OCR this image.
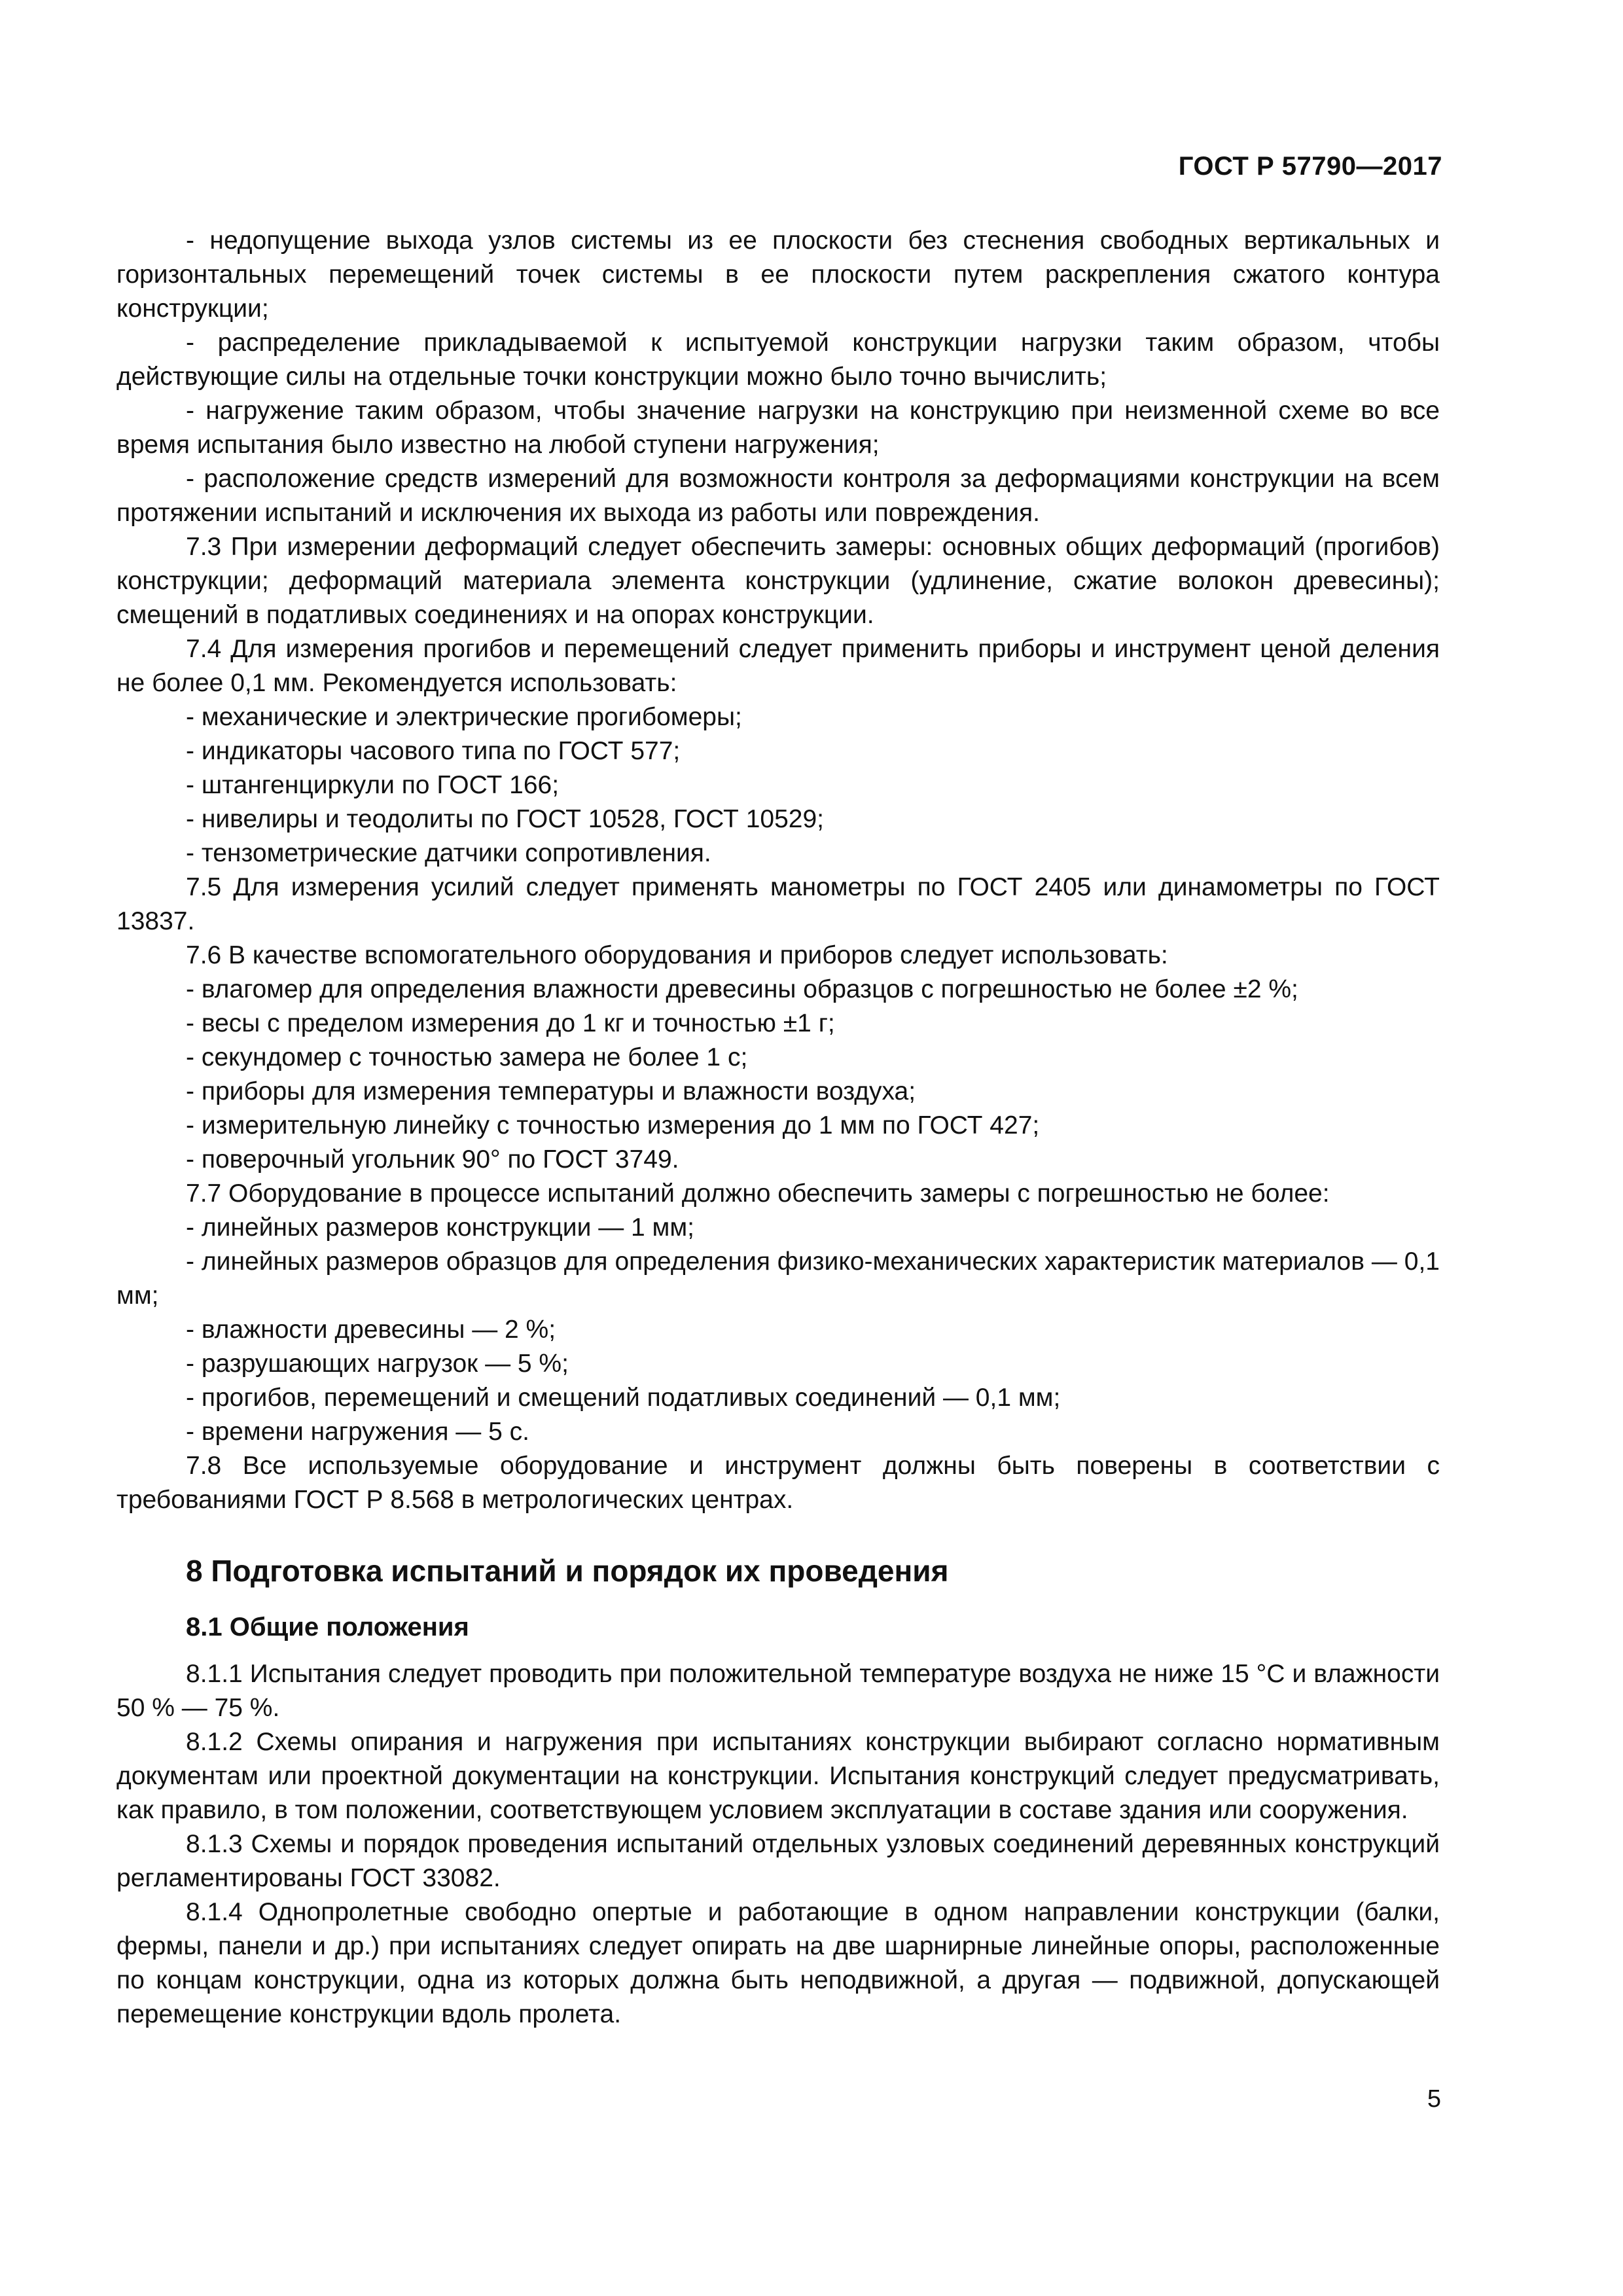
ГОСТ Р 57790—2017

- недопущение выхода узлов системы из ее плоскости без стеснения свободных вертикальных и горизонтальных перемещений точек системы в ее плоскости путем раскрепления сжатого контура конструкции;

- распределение прикладываемой к испытуемой конструкции нагрузки таким образом, чтобы действующие силы на отдельные точки конструкции можно было точно вычислить;

- нагружение таким образом, чтобы значение нагрузки на конструкцию при неизменной схеме во все время испытания было известно на любой ступени нагружения;

- расположение средств измерений для возможности контроля за деформациями конструкции на всем протяжении испытаний и исключения их выхода из работы или повреждения.

7.3 При измерении деформаций следует обеспечить замеры: основных общих деформаций (прогибов) конструкции; деформаций материала элемента конструкции (удлинение, сжатие волокон древесины); смещений в податливых соединениях и на опорах конструкции.

7.4 Для измерения прогибов и перемещений следует применить приборы и инструмент ценой деления не более 0,1 мм. Рекомендуется использовать:

- механические и электрические прогибомеры;

- индикаторы часового типа по ГОСТ 577;

- штангенциркули по ГОСТ 166;

- нивелиры и теодолиты по ГОСТ 10528, ГОСТ 10529;

- тензометрические датчики сопротивления.

7.5 Для измерения усилий следует применять манометры по ГОСТ 2405 или динамометры по ГОСТ 13837.

7.6 В качестве вспомогательного оборудования и приборов следует использовать:

- влагомер для определения влажности древесины образцов с погрешностью не более ±2 %;

- весы с пределом измерения до 1 кг и точностью ±1 г;

- секундомер с точностью замера не более 1 с;

- приборы для измерения температуры и влажности воздуха;

- измерительную линейку с точностью измерения до 1 мм по ГОСТ 427;

- поверочный угольник 90° по ГОСТ 3749.

7.7 Оборудование в процессе испытаний должно обеспечить замеры с погрешностью не более:

- линейных размеров конструкции — 1 мм;

- линейных размеров образцов для определения физико-механических характеристик материалов — 0,1 мм;

- влажности древесины — 2 %;

- разрушающих нагрузок — 5 %;

- прогибов, перемещений и смещений податливых соединений — 0,1 мм;

- времени нагружения — 5 с.

7.8 Все используемые оборудование и инструмент должны быть поверены в соответствии с требованиями ГОСТ Р 8.568 в метрологических центрах.

8 Подготовка испытаний и порядок их проведения
8.1 Общие положения

8.1.1 Испытания следует проводить при положительной температуре воздуха не ниже 15 °С и влажности 50 % — 75 %.

8.1.2 Схемы опирания и нагружения при испытаниях конструкции выбирают согласно нормативным документам или проектной документации на конструкции. Испытания конструкций следует предусматривать, как правило, в том положении, соответствующем условием эксплуатации в составе здания или сооружения.

8.1.3 Схемы и порядок проведения испытаний отдельных узловых соединений деревянных конструкций регламентированы ГОСТ 33082.

8.1.4 Однопролетные свободно опертые и работающие в одном направлении конструкции (балки, фермы, панели и др.) при испытаниях следует опирать на две шарнирные линейные опоры, расположенные по концам конструкции, одна из которых должна быть неподвижной, а другая — подвижной, допускающей перемещение конструкции вдоль пролета.

5
